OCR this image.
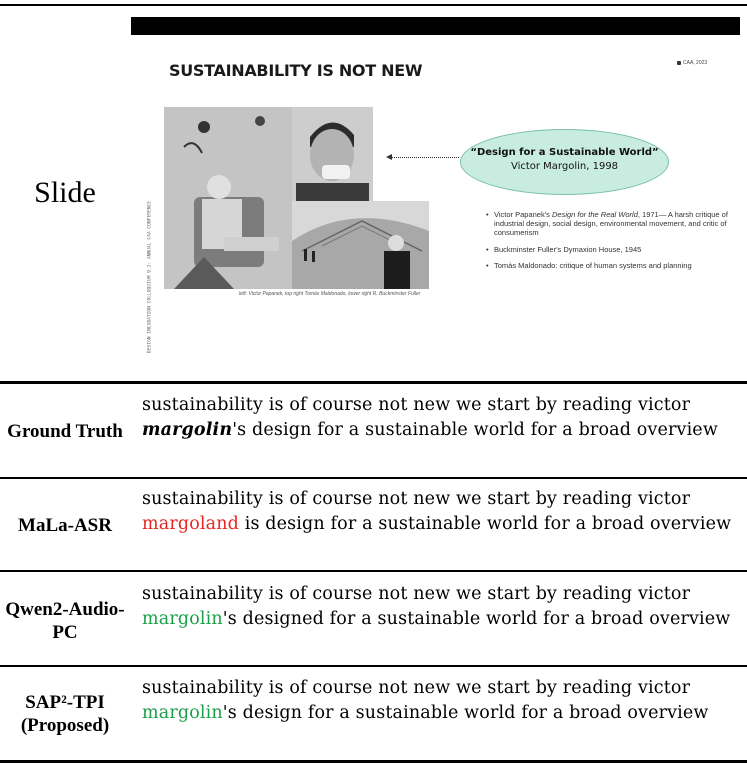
Slide
SUSTAINABILITY IS NOT NEW	CAA, 2023
DESIGN INCUBATION COLLOQUIUM 9.2: ANNUAL CAA CONFERENCE	left: Victor Papanek, top right Tomás Maldonado, lower right R. Buckminster Fuller
“Design for a Sustainable World”
Victor Margolin, 1998
• Victor Papanek's Design for the Real World, 1971— A harsh critique of industrial design, social design, environmental movement, and critic of consumerism
• Buckminster Fuller's Dymaxion House, 1945
• Tomás Maldonado: critique of human systems and planning
Ground Truth
sustainability is of course not new we start by reading victor margolin's design for a sustainable world for a broad overview
MaLa-ASR
sustainability is of course not new we start by reading victor margoland is design for a sustainable world for a broad overview
Qwen2-Audio-PC
sustainability is of course not new we start by reading victor margolin's designed for a sustainable world for a broad overview
SAP²-TPI (Proposed)
sustainability is of course not new we start by reading victor margolin's design for a sustainable world for a broad overview
